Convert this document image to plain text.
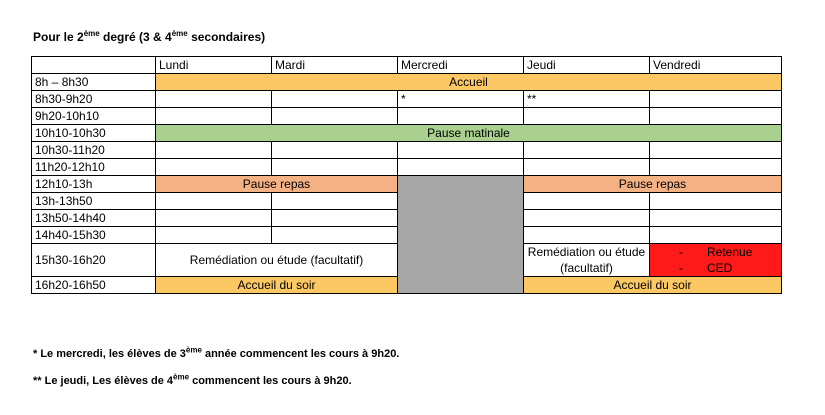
Pour le 2ème degré (3 & 4ème secondaires)
	Lundi	Mardi	Mercredi	Jeudi	Vendredi
8h – 8h30	Accueil				
8h30-9h20			*	**	
9h20-10h10					
10h10-10h30	Pause matinale				
10h30-11h20					
11h20-12h10					
12h10-13h	Pause repas			Pause repas	
13h-13h50					
13h50-14h40					
14h40-15h30					
15h30-16h20	Remédiation ou étude (facultatif)			Remédiation ou étude (facultatif)	- Retenue
- CED

16h20-16h50	Accueil du soir			Accueil du soir	
* Le mercredi, les élèves de 3ème année commencent les cours à 9h20.
** Le jeudi, Les élèves de 4ème commencent les cours à 9h20.
